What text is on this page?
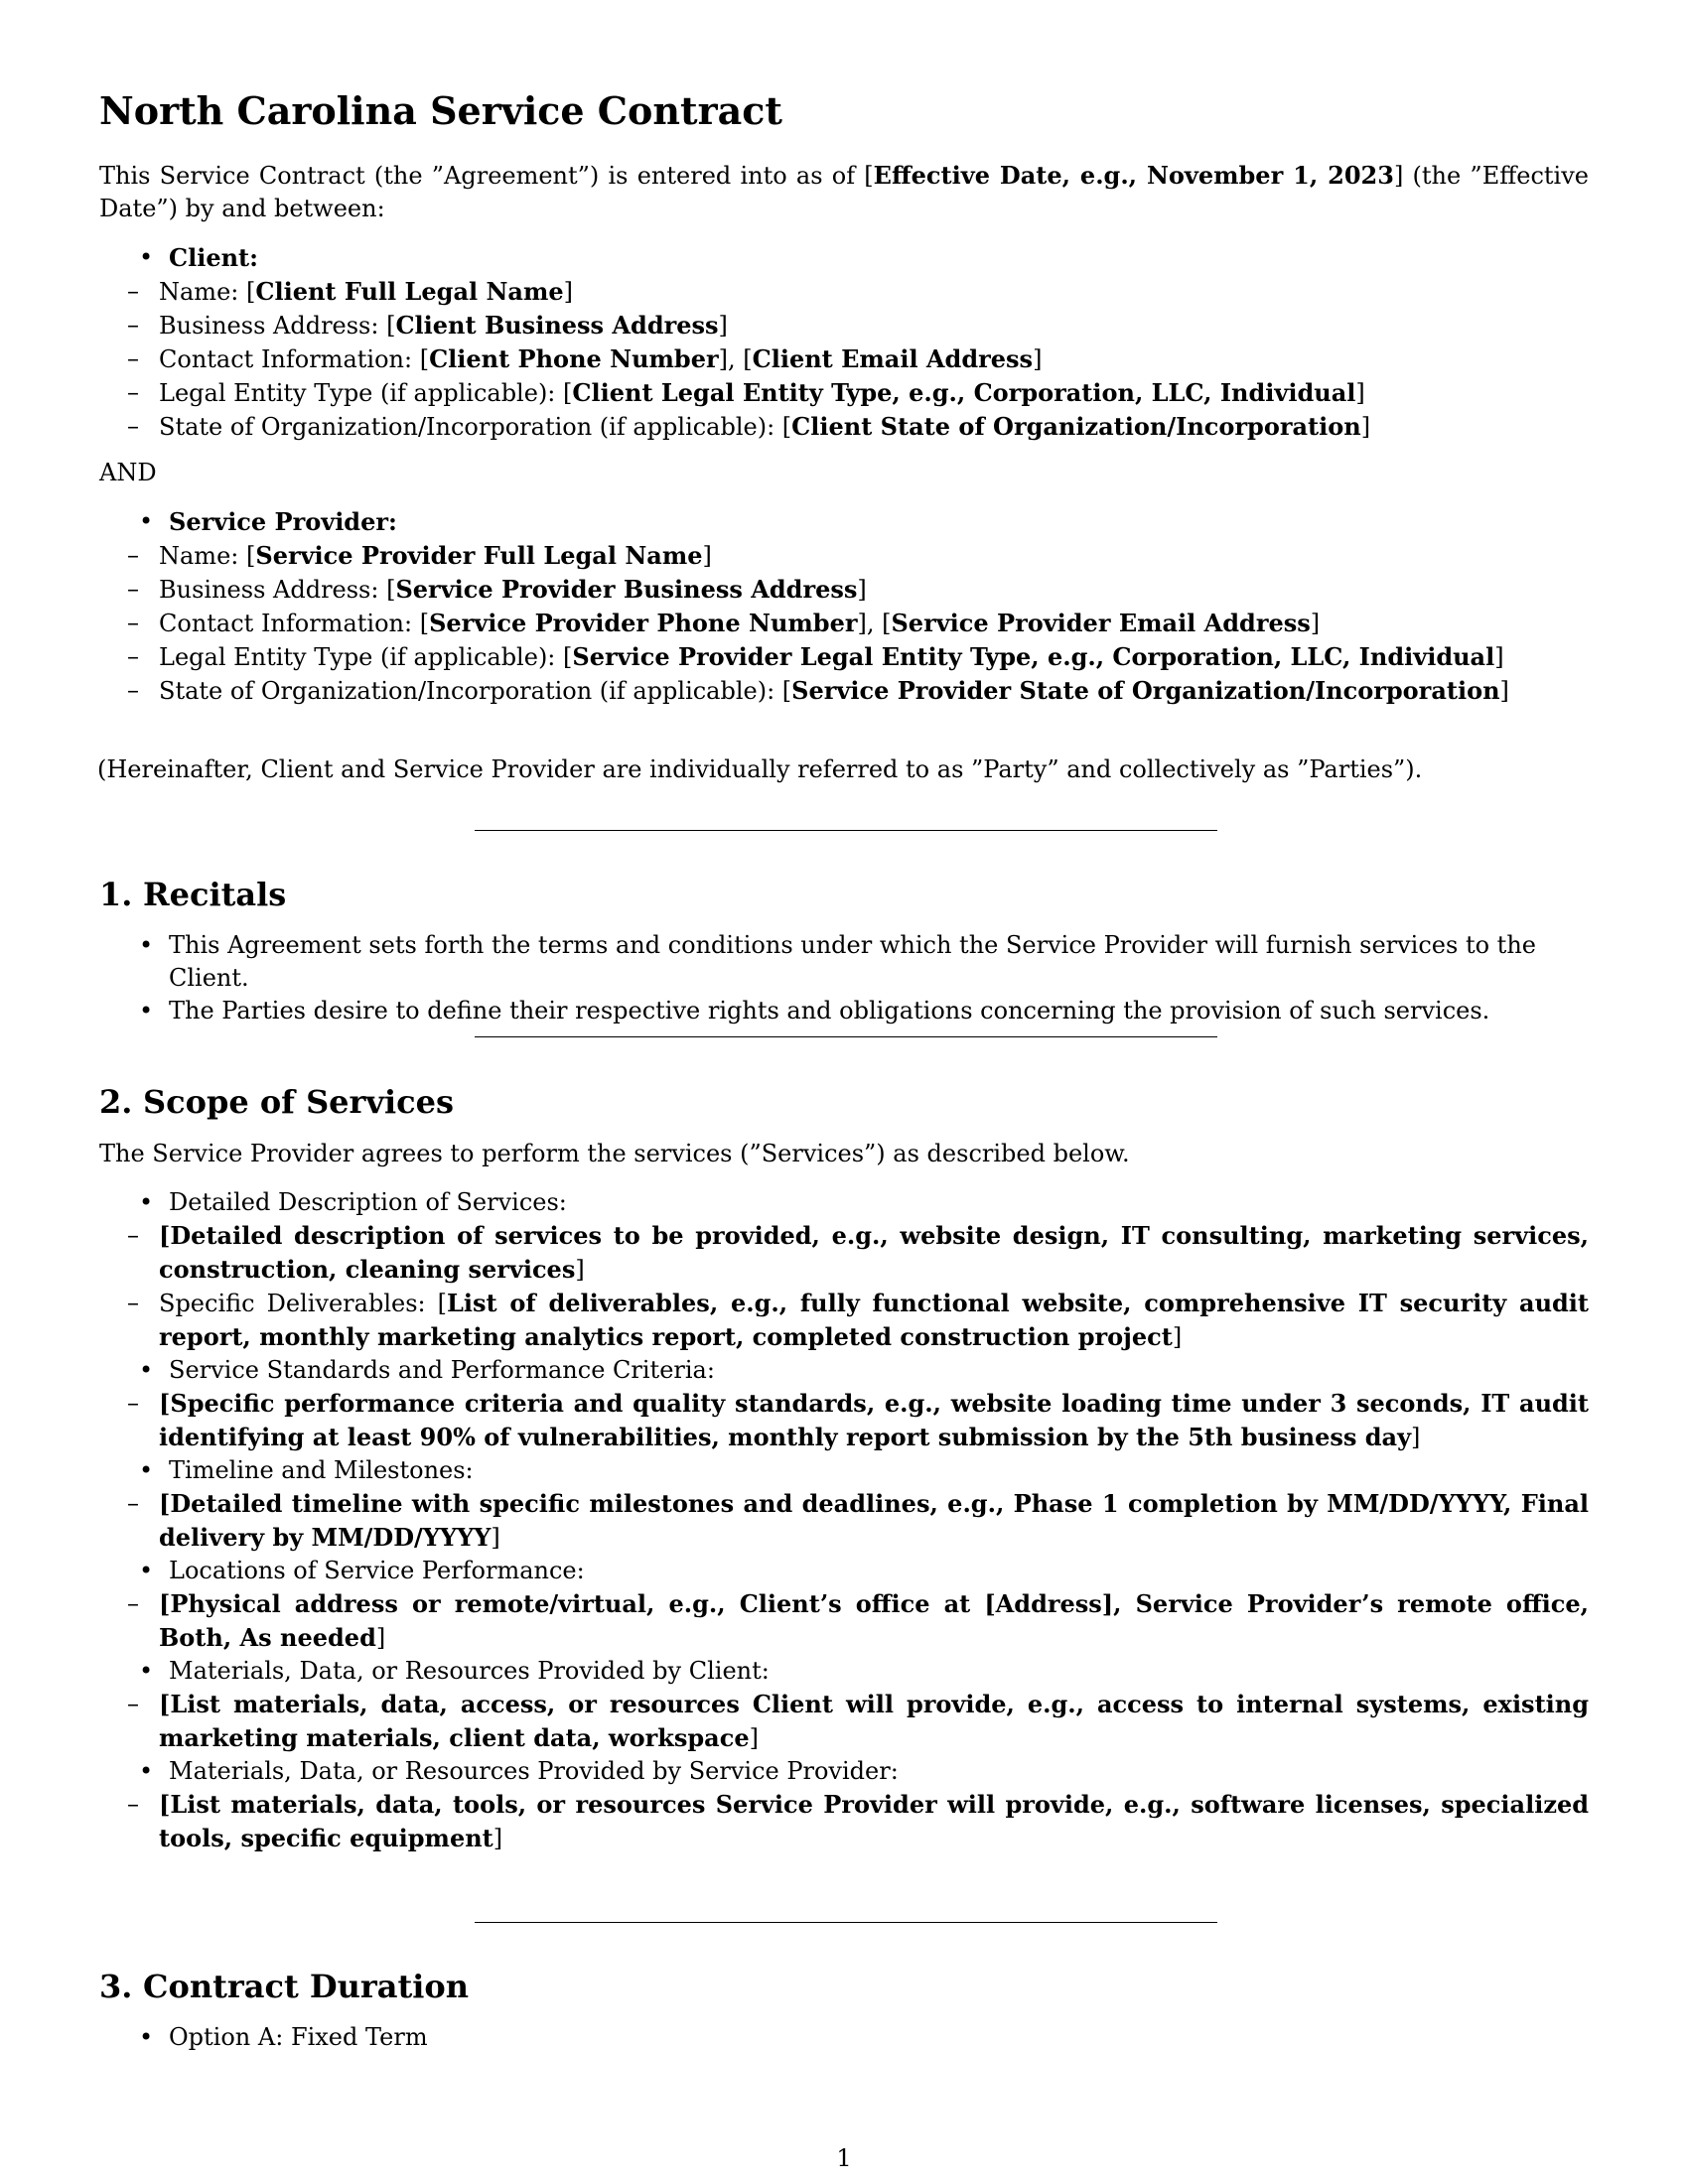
North Carolina Service Contract

This Service Contract (the ”Agreement”) is entered into as of [Effective Date, e.g., November 1, 2023] (the ”Effective Date”) by and between:

• Client:
– Name: [Client Full Legal Name]
– Business Address: [Client Business Address]
– Contact Information: [Client Phone Number], [Client Email Address]
– Legal Entity Type (if applicable): [Client Legal Entity Type, e.g., Corporation, LLC, Individual]
– State of Organization/Incorporation (if applicable): [Client State of Organization/Incorporation]

AND

• Service Provider:
– Name: [Service Provider Full Legal Name]
– Business Address: [Service Provider Business Address]
– Contact Information: [Service Provider Phone Number], [Service Provider Email Address]
– Legal Entity Type (if applicable): [Service Provider Legal Entity Type, e.g., Corporation, LLC, Individual]
– State of Organization/Incorporation (if applicable): [Service Provider State of Organization/Incorporation]

(Hereinafter, Client and Service Provider are individually referred to as ”Party” and collectively as ”Parties”).

1. Recitals
• This Agreement sets forth the terms and conditions under which the Service Provider will furnish services to the Client.
• The Parties desire to define their respective rights and obligations concerning the provision of such services.
2. Scope of Services

The Service Provider agrees to perform the services (”Services”) as described below.

• Detailed Description of Services:
– [Detailed description of services to be provided, e.g., website design, IT consulting, marketing services, construction, cleaning services]
– Specific Deliverables: [List of deliverables, e.g., fully functional website, comprehensive IT security audit report, monthly marketing analytics report, completed construction project]
• Service Standards and Performance Criteria:
– [Specific performance criteria and quality standards, e.g., website loading time under 3 seconds, IT audit identifying at least 90% of vulnerabilities, monthly report submission by the 5th business day]
• Timeline and Milestones:
– [Detailed timeline with specific milestones and deadlines, e.g., Phase 1 completion by MM/DD/YYYY, Final delivery by MM/DD/YYYY]
• Locations of Service Performance:
– [Physical address or remote/virtual, e.g., Client’s office at [Address], Service Provider’s remote office, Both, As needed]
• Materials, Data, or Resources Provided by Client:
– [List materials, data, access, or resources Client will provide, e.g., access to internal systems, existing marketing materials, client data, workspace]
• Materials, Data, or Resources Provided by Service Provider:
– [List materials, data, tools, or resources Service Provider will provide, e.g., software licenses, specialized tools, specific equipment]
3. Contract Duration
• Option A: Fixed Term
1
